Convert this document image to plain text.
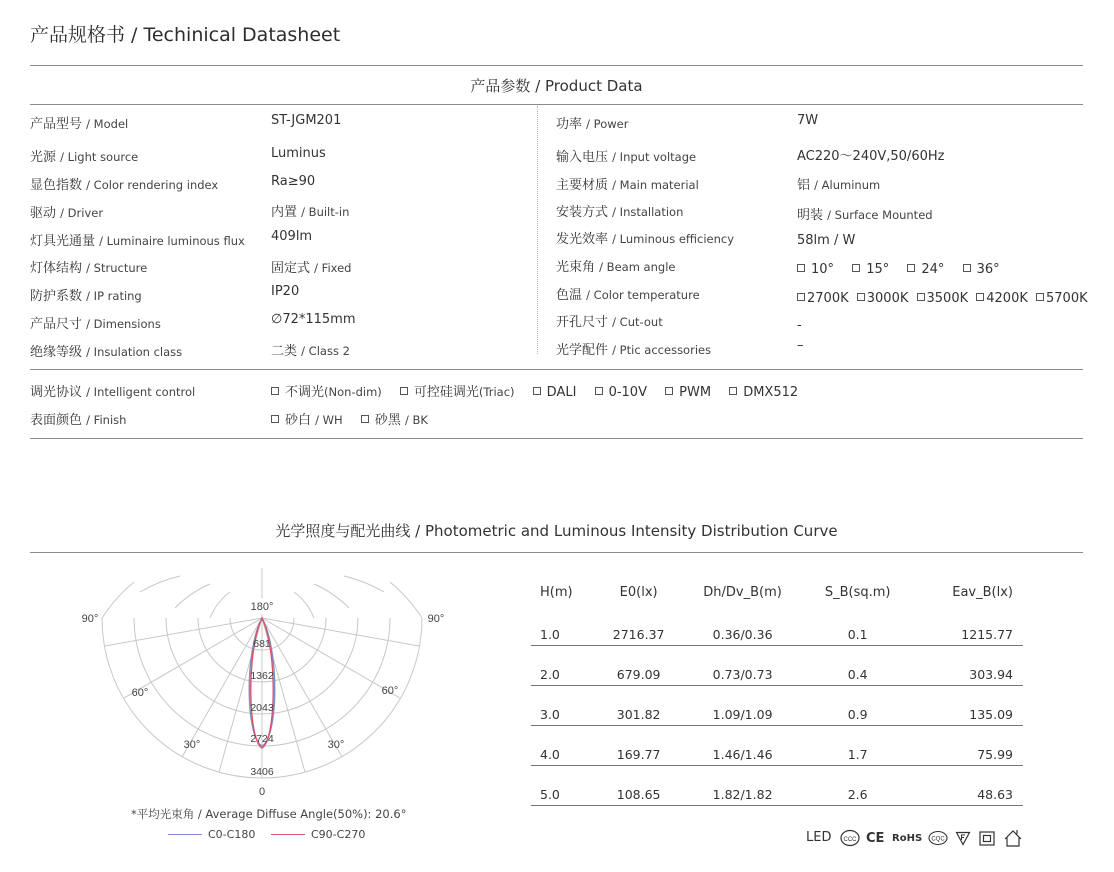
产品规格书 / Techinical Datasheet
产品参数 / Product Data
产品型号 / Model	ST-JGM201
光源 / Light source	Luminus
显色指数 / Color rendering index	Ra≥90
驱动 / Driver	内置 / Built-in
灯具光通量 / Luminaire luminous flux 409lm
灯体结构 / Structure	固定式 / Fixed
防护系数 / IP rating	IP20
产品尺寸 / Dimensions	∅72*115mm
绝缘等级 / Insulation class	二类 / Class 2
功率 / Power	7W
输入电压 / Input voltage	AC220～240V,50/60Hz
主要材质 / Main material	铝 / Aluminum
安装方式 / Installation	明装 / Surface Mounted
发光效率 / Luminous efficiency	58lm / W
光束角 / Beam angle	10° 15° 24° 36°
色温 / Color temperature	2700K 3000K 3500K 4200K 5700K
开孔尺寸 / Cut-out	-
光学配件 / Ptic accessories	–
调光协议 / Intelligent control	不调光(Non-dim) 可控硅调光(Triac) DALI 0-10V PWM DMX512
表面颜色 / Finish	砂白 / WH 砂黑 / BK
光学照度与配光曲线 / Photometric and Luminous Intensity Distribution Curve
180°
90°	90°
60°	60°
30°	30°
0
681
1362
2043
2724
3406
*平均光束角 / Average Diffuse Angle(50%): 20.6°
C0-C180	C90-C270
H(m)	E0(lx)	Dh/Dv_B(m)	S_B(sq.m)	Eav_B(lx)
1.0	2716.37	0.36/0.36	0.1	1215.77
2.0	679.09	0.73/0.73	0.4	303.94
3.0	301.82	1.09/1.09	0.9	135.09
4.0	169.77	1.46/1.46	1.7	75.99
5.0	108.65	1.82/1.82	2.6	48.63
LED CCC CE RoHS CQC
